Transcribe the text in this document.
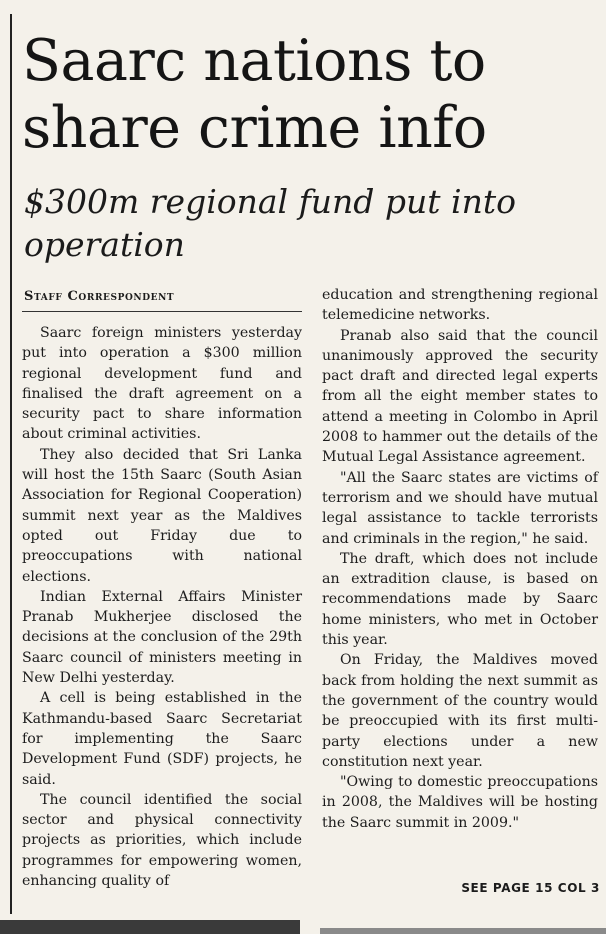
Saarc nations to
share crime info
$300m regional fund put into operation
Staff Correspondent

Saarc foreign ministers yesterday put into operation a $300 million regional development fund and finalised the draft agreement on a security pact to share information about criminal activities.

They also decided that Sri Lanka will host the 15th Saarc (South Asian Association for Regional Cooperation) summit next year as the Maldives opted out Friday due to preoccupations with national elections.

Indian External Affairs Minister Pranab Mukherjee disclosed the decisions at the conclusion of the 29th Saarc council of ministers meeting in New Delhi yesterday.

A cell is being established in the Kathmandu-based Saarc Secretariat for implementing the Saarc Development Fund (SDF) projects, he said.

The council identified the social sector and physical connectivity projects as priorities, which include programmes for empowering women, enhancing quality of

education and strengthening regional telemedicine networks.

Pranab also said that the council unanimously approved the security pact draft and directed legal experts from all the eight member states to attend a meeting in Colombo in April 2008 to hammer out the details of the Mutual Legal Assistance agreement.

"All the Saarc states are victims of terrorism and we should have mutual legal assistance to tackle terrorists and criminals in the region," he said.

The draft, which does not include an extradition clause, is based on recommendations made by Saarc home ministers, who met in October this year.

On Friday, the Maldives moved back from holding the next summit as the government of the country would be preoccupied with its first multi-party elections under a new constitution next year.

"Owing to domestic preoccupations in 2008, the Maldives will be hosting the Saarc summit in 2009."

SEE PAGE 15 COL 3
